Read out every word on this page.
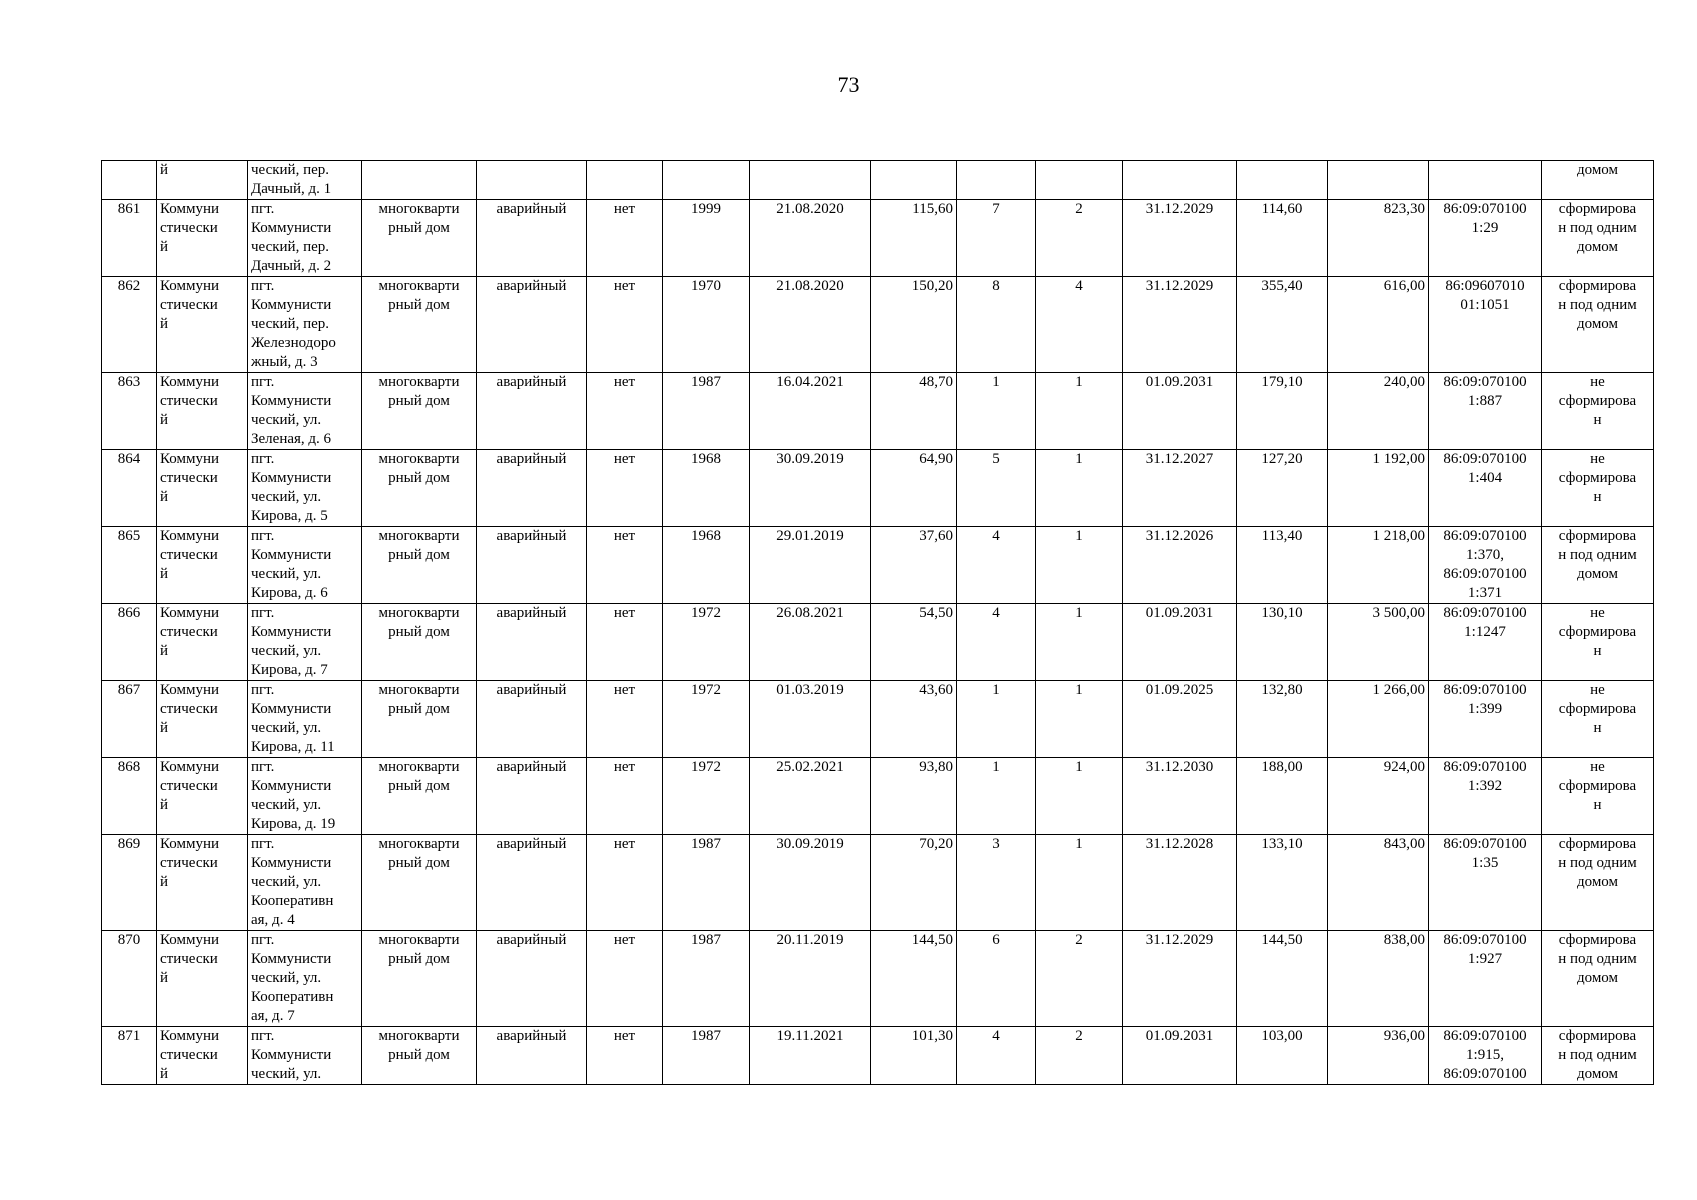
73

	й	ческий, пер.
Дачный, д. 1													домом

861	Коммуни
стически
й	пгт.
Коммунисти
ческий, пер.
Дачный, д. 2	многокварти
рный дом	аварийный	нет	1999	21.08.2020	115,60	7	2	31.12.2029	114,60	823,30	86:09:070100
1:29	сформирова
н под одним
домом

862	Коммуни
стически
й	пгт.
Коммунисти
ческий, пер.
Железнодоро
жный, д. 3	многокварти
рный дом	аварийный	нет	1970	21.08.2020	150,20	8	4	31.12.2029	355,40	616,00	86:09607010
01:1051	сформирова
н под одним
домом

863	Коммуни
стически
й	пгт.
Коммунисти
ческий, ул.
Зеленая, д. 6	многокварти
рный дом	аварийный	нет	1987	16.04.2021	48,70	1	1	01.09.2031	179,10	240,00	86:09:070100
1:887	не
сформирова
н

864	Коммуни
стически
й	пгт.
Коммунисти
ческий, ул.
Кирова, д. 5	многокварти
рный дом	аварийный	нет	1968	30.09.2019	64,90	5	1	31.12.2027	127,20	1 192,00	86:09:070100
1:404	не
сформирова
н

865	Коммуни
стически
й	пгт.
Коммунисти
ческий, ул.
Кирова, д. 6	многокварти
рный дом	аварийный	нет	1968	29.01.2019	37,60	4	1	31.12.2026	113,40	1 218,00	86:09:070100
1:370,
86:09:070100
1:371	сформирова
н под одним
домом

866	Коммуни
стически
й	пгт.
Коммунисти
ческий, ул.
Кирова, д. 7	многокварти
рный дом	аварийный	нет	1972	26.08.2021	54,50	4	1	01.09.2031	130,10	3 500,00	86:09:070100
1:1247	не
сформирова
н

867	Коммуни
стически
й	пгт.
Коммунисти
ческий, ул.
Кирова, д. 11	многокварти
рный дом	аварийный	нет	1972	01.03.2019	43,60	1	1	01.09.2025	132,80	1 266,00	86:09:070100
1:399	не
сформирова
н

868	Коммуни
стически
й	пгт.
Коммунисти
ческий, ул.
Кирова, д. 19	многокварти
рный дом	аварийный	нет	1972	25.02.2021	93,80	1	1	31.12.2030	188,00	924,00	86:09:070100
1:392	не
сформирова
н

869	Коммуни
стически
й	пгт.
Коммунисти
ческий, ул.
Кооперативн
ая, д. 4	многокварти
рный дом	аварийный	нет	1987	30.09.2019	70,20	3	1	31.12.2028	133,10	843,00	86:09:070100
1:35	сформирова
н под одним
домом

870	Коммуни
стически
й	пгт.
Коммунисти
ческий, ул.
Кооперативн
ая, д. 7	многокварти
рный дом	аварийный	нет	1987	20.11.2019	144,50	6	2	31.12.2029	144,50	838,00	86:09:070100
1:927	сформирова
н под одним
домом

871	Коммуни
стически
й	пгт.
Коммунисти
ческий, ул.	многокварти
рный дом	аварийный	нет	1987	19.11.2021	101,30	4	2	01.09.2031	103,00	936,00	86:09:070100
1:915,
86:09:070100	сформирова
н под одним
домом
